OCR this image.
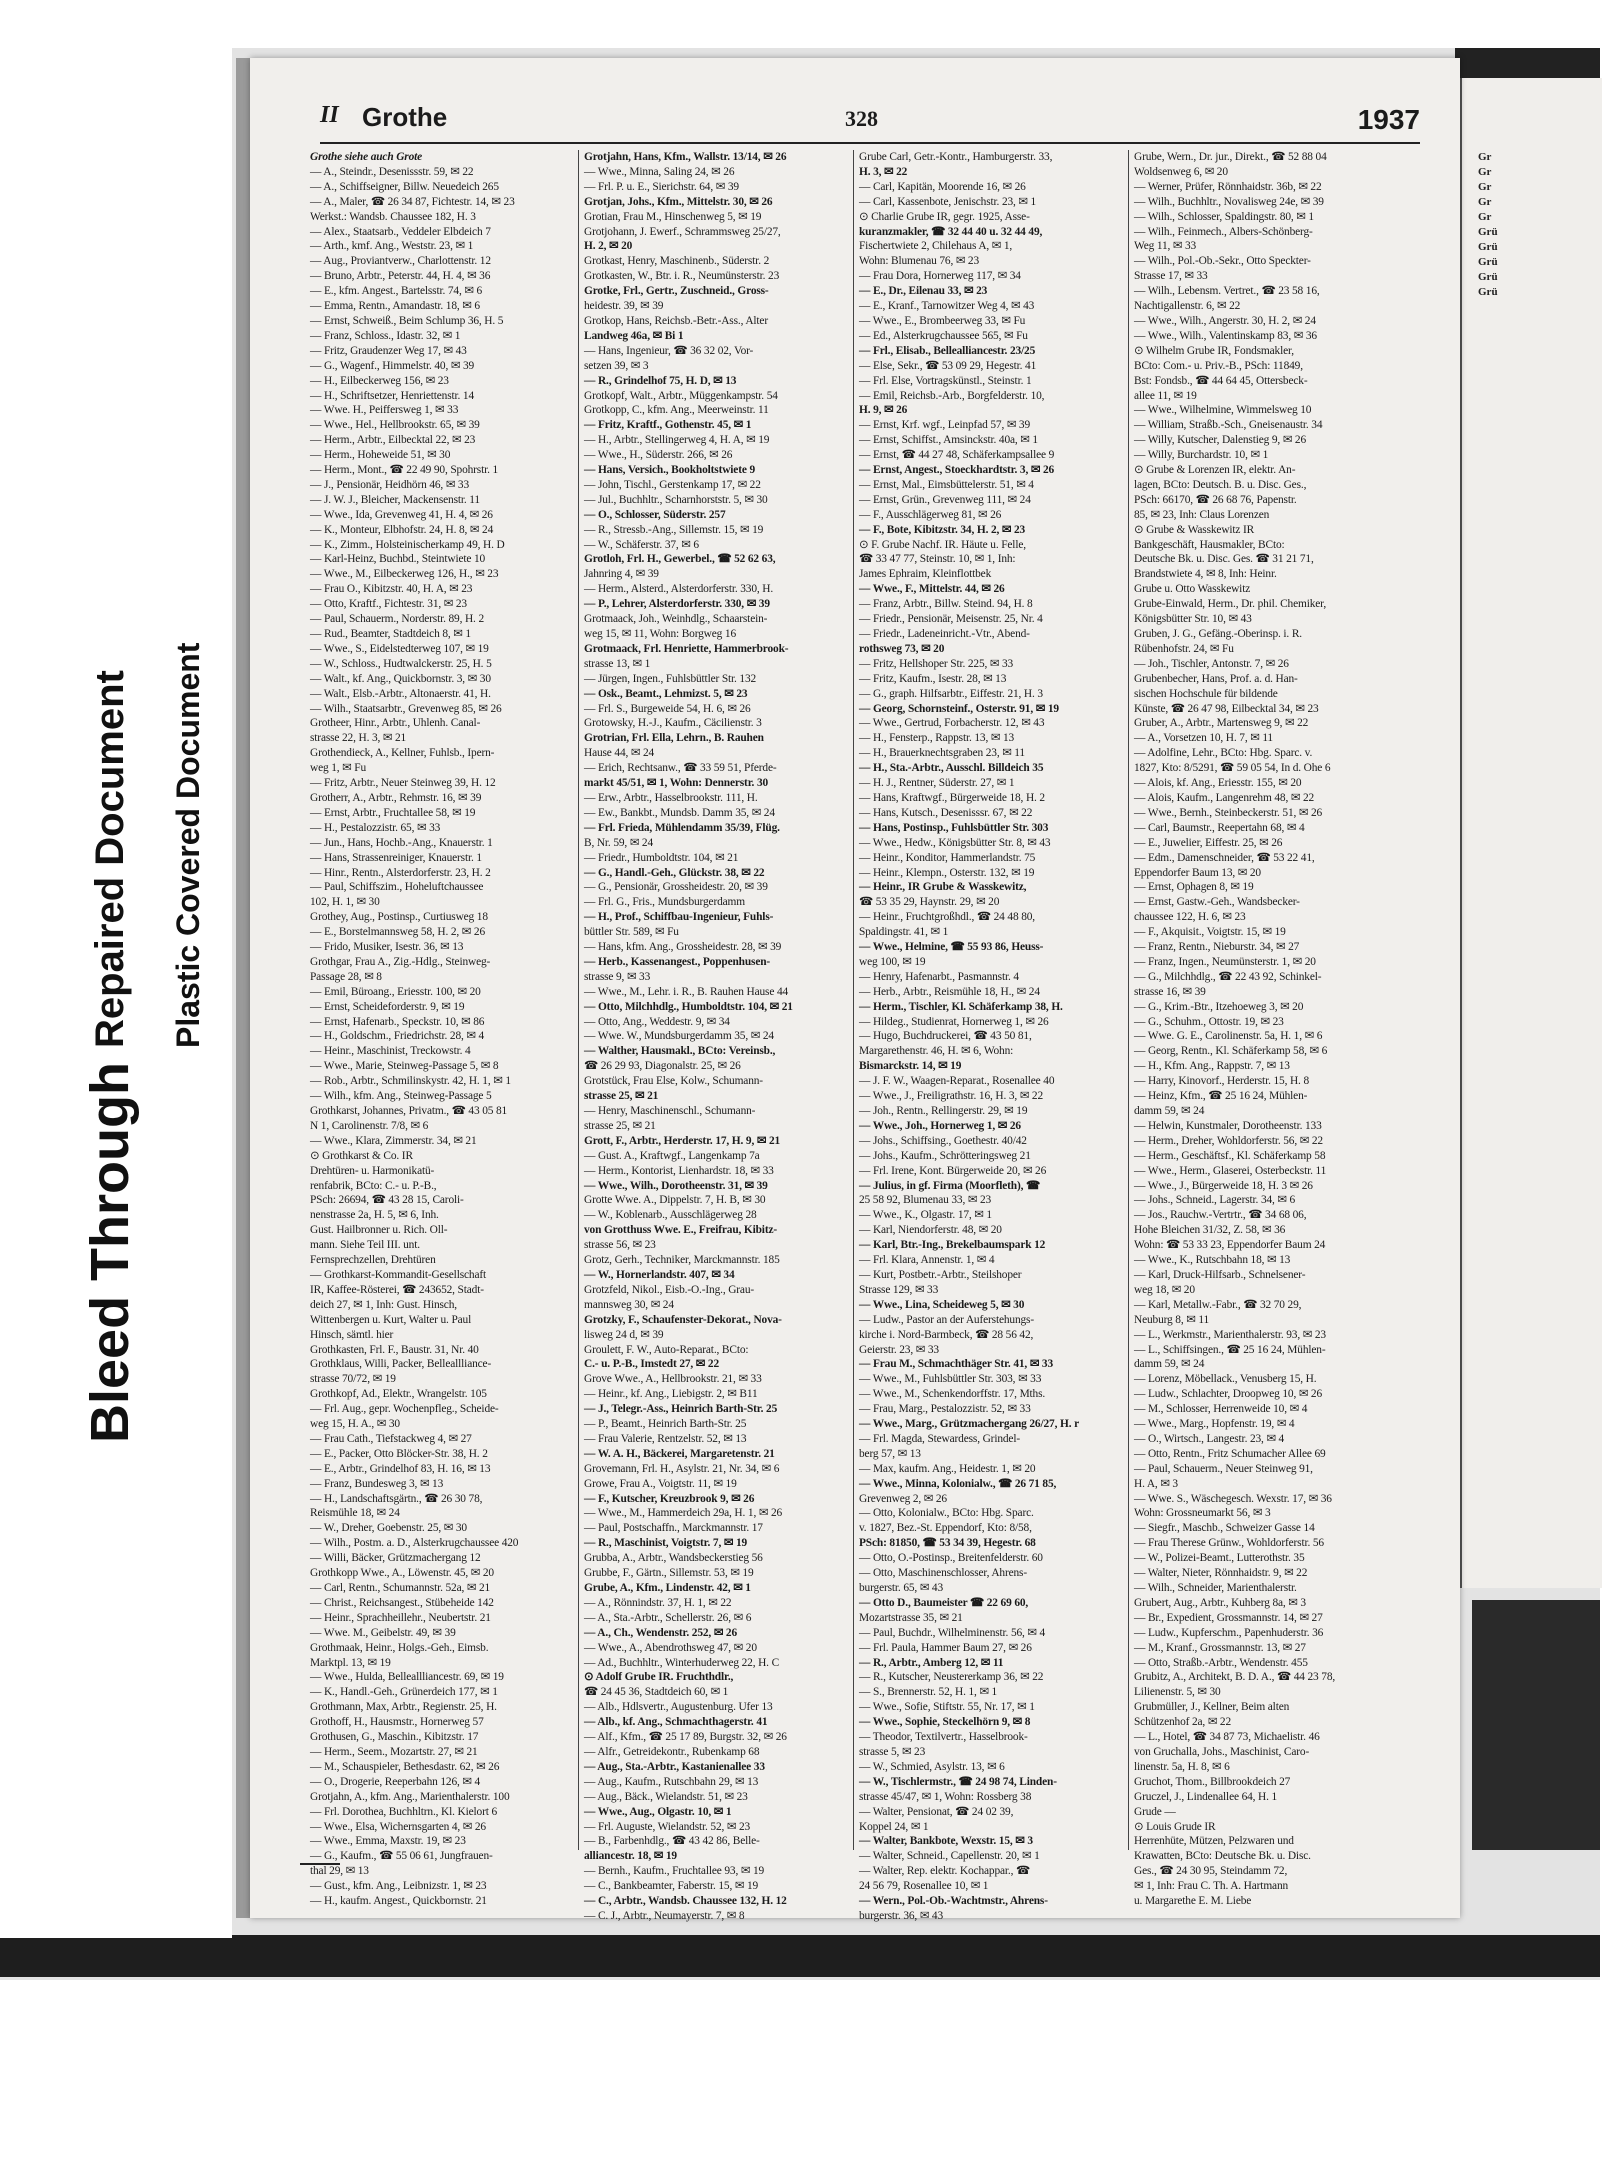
Bleed Through
Repaired Document	Plastic Covered Document
Gr
Gr
Gr
Gr
Gr
Grü
Grü
Grü
Grü
Grü
II Grothe	328	1937

Grothe siehe auch Grote

— A., Steindr., Desenissstr. 59, ✉ 22

— A., Schiffseigner, Billw. Neuedeich 265

— A., Maler, ☎ 26 34 87, Fichtestr. 14, ✉ 23

Werkst.: Wandsb. Chaussee 182, H. 3

— Alex., Staatsarb., Veddeler Elbdeich 7

— Arth., kmf. Ang., Weststr. 23, ✉ 1

— Aug., Proviantverw., Charlottenstr. 12

— Bruno, Arbtr., Peterstr. 44, H. 4, ✉ 36

— E., kfm. Angest., Bartelsstr. 74, ✉ 6

— Emma, Rentn., Amandastr. 18, ✉ 6

— Ernst, Schweiß., Beim Schlump 36, H. 5

— Franz, Schloss., Idastr. 32, ✉ 1

— Fritz, Graudenzer Weg 17, ✉ 43

— G., Wagenf., Himmelstr. 40, ✉ 39

— H., Eilbeckerweg 156, ✉ 23

— H., Schriftsetzer, Henriettenstr. 14

— Wwe. H., Peiffersweg 1, ✉ 33

— Wwe., Hel., Hellbrookstr. 65, ✉ 39

— Herm., Arbtr., Eilbecktal 22, ✉ 23

— Herm., Hoheweide 51, ✉ 30

— Herm., Mont., ☎ 22 49 90, Spohrstr. 1

— J., Pensionär, Heidhörn 46, ✉ 33

— J. W. J., Bleicher, Mackensenstr. 11

— Wwe., Ida, Grevenweg 41, H. 4, ✉ 26

— K., Monteur, Elbhofstr. 24, H. 8, ✉ 24

— K., Zimm., Holsteinischerkamp 49, H. D

— Karl-Heinz, Buchbd., Steintwiete 10

— Wwe., M., Eilbeckerweg 126, H., ✉ 23

— Frau O., Kibitzstr. 40, H. A, ✉ 23

— Otto, Kraftf., Fichtestr. 31, ✉ 23

— Paul, Schauerm., Norderstr. 89, H. 2

— Rud., Beamter, Stadtdeich 8, ✉ 1

— Wwe., S., Eidelstedterweg 107, ✉ 19

— W., Schloss., Hudtwalckerstr. 25, H. 5

— Walt., kf. Ang., Quickbornstr. 3, ✉ 30

— Walt., Elsb.-Arbtr., Altonaerstr. 41, H.

— Wilh., Staatsarbtr., Grevenweg 85, ✉ 26

Grotheer, Hinr., Arbtr., Uhlenh. Canal-

strasse 22, H. 3, ✉ 21

Grothendieck, A., Kellner, Fuhlsb., Ipern-

weg 1, ✉ Fu

— Fritz, Arbtr., Neuer Steinweg 39, H. 12

Grotherr, A., Arbtr., Rehmstr. 16, ✉ 39

— Ernst, Arbtr., Fruchtallee 58, ✉ 19

— H., Pestalozzistr. 65, ✉ 33

— Jun., Hans, Hochb.-Ang., Knauerstr. 1

— Hans, Strassenreiniger, Knauerstr. 1

— Hinr., Rentn., Alsterdorferstr. 23, H. 2

— Paul, Schiffszim., Hoheluftchaussee

102, H. 1, ✉ 30

Grothey, Aug., Postinsp., Curtiusweg 18

— E., Borstelmannsweg 58, H. 2, ✉ 26

— Frido, Musiker, Isestr. 36, ✉ 13

Grothgar, Frau A., Zig.-Hdlg., Steinweg-

Passage 28, ✉ 8

— Emil, Büroang., Eriesstr. 100, ✉ 20

— Ernst, Scheideforderstr. 9, ✉ 19

— Ernst, Hafenarb., Speckstr. 10, ✉ 86

— H., Goldschm., Friedrichstr. 28, ✉ 4

— Heinr., Maschinist, Treckowstr. 4

— Wwe., Marie, Steinweg-Passage 5, ✉ 8

— Rob., Arbtr., Schmilinskystr. 42, H. 1, ✉ 1

— Wilh., kfm. Ang., Steinweg-Passage 5

Grothkarst, Johannes, Privatm., ☎ 43 05 81

N 1, Carolinenstr. 7/8, ✉ 6

— Wwe., Klara, Zimmerstr. 34, ✉ 21

⊙ Grothkarst & Co. IR

Drehtüren- u. Harmonikatü-

renfabrik, BCto: C.- u. P.-B.,

PSch: 26694, ☎ 43 28 15, Caroli-

nenstrasse 2a, H. 5, ✉ 6, Inh.

Gust. Hailbronner u. Rich. Oll-

mann. Siehe Teil III. unt.

Fernsprechzellen, Drehtüren

— Grothkarst-Kommandit-Gesellschaft

IR, Kaffee-Rösterei, ☎ 243652, Stadt-

deich 27, ✉ 1, Inh: Gust. Hinsch,

Wittenbergen u. Kurt, Walter u. Paul

Hinsch, sämtl. hier

Grothkasten, Frl. F., Baustr. 31, Nr. 40

Grothklaus, Willi, Packer, Belleallliance-

strasse 70/72, ✉ 19

Grothkopf, Ad., Elektr., Wrangelstr. 105

— Frl. Aug., gepr. Wochenpfleg., Scheide-

weg 15, H. A., ✉ 30

— Frau Cath., Tiefstackweg 4, ✉ 27

— E., Packer, Otto Blöcker-Str. 38, H. 2

— E., Arbtr., Grindelhof 83, H. 16, ✉ 13

— Franz, Bundesweg 3, ✉ 13

— H., Landschaftsgärtn., ☎ 26 30 78,

Reismühle 18, ✉ 24

— W., Dreher, Goebenstr. 25, ✉ 30

— Wilh., Postm. a. D., Alsterkrugchaussee 420

— Willi, Bäcker, Grützmachergang 12

Grothkopp Wwe., A., Löwenstr. 45, ✉ 20

— Carl, Rentn., Schumannstr. 52a, ✉ 21

— Christ., Reichsangest., Stübeheide 142

— Heinr., Sprachheillehr., Neubertstr. 21

— Wwe. M., Geibelstr. 49, ✉ 39

Grothmaak, Heinr., Holgs.-Geh., Eimsb.

Marktpl. 13, ✉ 19

— Wwe., Hulda, Belleallliancestr. 69, ✉ 19

— K., Handl.-Geh., Grünerdeich 177, ✉ 1

Grothmann, Max, Arbtr., Regienstr. 25, H.

Grothoff, H., Hausmstr., Hornerweg 57

Grothusen, G., Maschin., Kibitzstr. 17

— Herm., Seem., Mozartstr. 27, ✉ 21

— M., Schauspieler, Bethesdastr. 62, ✉ 26

— O., Drogerie, Reeperbahn 126, ✉ 4

Grotjahn, A., kfm. Ang., Marienthalerstr. 100

— Frl. Dorothea, Buchhltrn., Kl. Kielort 6

— Wwe., Elsa, Wichernsgarten 4, ✉ 26

— Wwe., Emma, Maxstr. 19, ✉ 23

— G., Kaufm., ☎ 55 06 61, Jungfrauen-

thal 29, ✉ 13

— Gust., kfm. Ang., Leibnizstr. 1, ✉ 23

— H., kaufm. Angest., Quickbornstr. 21

Grotjahn, Hans, Kfm., Wallstr. 13/14, ✉ 26

— Wwe., Minna, Saling 24, ✉ 26

— Frl. P. u. E., Sierichstr. 64, ✉ 39

Grotjan, Johs., Kfm., Mittelstr. 30, ✉ 26

Grotian, Frau M., Hinschenweg 5, ✉ 19

Grotjohann, J. Ewerf., Schrammsweg 25/27,

H. 2, ✉ 20

Grotkast, Henry, Maschinenb., Süderstr. 2

Grotkasten, W., Btr. i. R., Neumünsterstr. 23

Grotke, Frl., Gertr., Zuschneid., Gross-

heidestr. 39, ✉ 39

Grotkop, Hans, Reichsb.-Betr.-Ass., Alter

Landweg 46a, ✉ Bi 1

— Hans, Ingenieur, ☎ 36 32 02, Vor-

setzen 39, ✉ 3

— R., Grindelhof 75, H. D, ✉ 13

Grotkopf, Walt., Arbtr., Müggenkampstr. 54

Grotkopp, C., kfm. Ang., Meerweinstr. 11

— Fritz, Kraftf., Gothenstr. 45, ✉ 1

— H., Arbtr., Stellingerweg 4, H. A, ✉ 19

— Wwe., H., Süderstr. 266, ✉ 26

— Hans, Versich., Bookholtstwiete 9

— John, Tischl., Gerstenkamp 17, ✉ 22

— Jul., Buchhltr., Scharnhorststr. 5, ✉ 30

— O., Schlosser, Süderstr. 257

— R., Stressb.-Ang., Sillemstr. 15, ✉ 19

— W., Schäferstr. 37, ✉ 6

Grotloh, Frl. H., Gewerbel., ☎ 52 62 63,

Jahnring 4, ✉ 39

— Herm., Alsterd., Alsterdorferstr. 330, H.

— P., Lehrer, Alsterdorferstr. 330, ✉ 39

Grotmaack, Joh., Weinhdlg., Schaarstein-

weg 15, ✉ 11, Wohn: Borgweg 16

Grotmaack, Frl. Henriette, Hammerbrook-

strasse 13, ✉ 1

— Jürgen, Ingen., Fuhlsbüttler Str. 132

— Osk., Beamt., Lehmizst. 5, ✉ 23

— Frl. S., Burgeweide 54, H. 6, ✉ 26

Grotowsky, H.-J., Kaufm., Cäcilienstr. 3

Grotrian, Frl. Ella, Lehrn., B. Rauhen

Hause 44, ✉ 24

— Erich, Rechtsanw., ☎ 33 59 51, Pferde-

markt 45/51, ✉ 1, Wohn: Dennerstr. 30

— Erw., Arbtr., Hasselbrookstr. 111, H.

— Ew., Bankbt., Mundsb. Damm 35, ✉ 24

— Frl. Frieda, Mühlendamm 35/39, Flüg.

B, Nr. 59, ✉ 24

— Friedr., Humboldtstr. 104, ✉ 21

— G., Handl.-Geh., Glückstr. 38, ✉ 22

— G., Pensionär, Grossheidestr. 20, ✉ 39

— Frl. G., Fris., Mundsburgerdamm

— H., Prof., Schiffbau-Ingenieur, Fuhls-

büttler Str. 589, ✉ Fu

— Hans, kfm. Ang., Grossheidestr. 28, ✉ 39

— Herb., Kassenangest., Poppenhusen-

strasse 9, ✉ 33

— Wwe., M., Lehr. i. R., B. Rauhen Hause 44

— Otto, Milchhdlg., Humboldtstr. 104, ✉ 21

— Otto, Ang., Weddestr. 9, ✉ 34

— Wwe. W., Mundsburgerdamm 35, ✉ 24

— Walther, Hausmakl., BCto: Vereinsb.,

☎ 26 29 93, Diagonalstr. 25, ✉ 26

Grotstück, Frau Else, Kolw., Schumann-

strasse 25, ✉ 21

— Henry, Maschinenschl., Schumann-

strasse 25, ✉ 21

Grott, F., Arbtr., Herderstr. 17, H. 9, ✉ 21

— Gust. A., Kraftwgf., Langenkamp 7a

— Herm., Kontorist, Lienhardstr. 18, ✉ 33

— Wwe., Wilh., Dorotheenstr. 31, ✉ 39

Grotte Wwe. A., Dippelstr. 7, H. B, ✉ 30

— W., Koblenarb., Ausschlägerweg 28

von Grotthuss Wwe. E., Freifrau, Kibitz-

strasse 56, ✉ 23

Grotz, Gerh., Techniker, Marckmannstr. 185

— W., Hornerlandstr. 407, ✉ 34

Grotzfeld, Nikol., Eisb.-O.-Ing., Grau-

mannsweg 30, ✉ 24

Grotzky, F., Schaufenster-Dekorat., Nova-

lisweg 24 d, ✉ 39

Groulett, F. W., Auto-Reparat., BCto:

C.- u. P.-B., Imstedt 27, ✉ 22

Grove Wwe., A., Hellbrookstr. 21, ✉ 33

— Heinr., kf. Ang., Liebigstr. 2, ✉ B11

— J., Telegr.-Ass., Heinrich Barth-Str. 25

— P., Beamt., Heinrich Barth-Str. 25

— Frau Valerie, Rentzelstr. 52, ✉ 13

— W. A. H., Bäckerei, Margaretenstr. 21

Grovemann, Frl. H., Asylstr. 21, Nr. 34, ✉ 6

Growe, Frau A., Voigtstr. 11, ✉ 19

— F., Kutscher, Kreuzbrook 9, ✉ 26

— Wwe., M., Hammerdeich 29a, H. 1, ✉ 26

— Paul, Postschaffn., Marckmannstr. 17

— R., Maschinist, Voigtstr. 7, ✉ 19

Grubba, A., Arbtr., Wandsbeckerstieg 56

Grubbe, F., Gärtn., Sillemstr. 53, ✉ 19

Grube, A., Kfm., Lindenstr. 42, ✉ 1

— A., Rönnindstr. 37, H. 1, ✉ 22

— A., Sta.-Arbtr., Schellerstr. 26, ✉ 6

— A., Ch., Wendenstr. 252, ✉ 26

— Wwe., A., Abendrothsweg 47, ✉ 20

— Ad., Buchhltr., Winterhuderweg 22, H. C

⊙ Adolf Grube IR. Fruchthdlr.,

☎ 24 45 36, Stadtdeich 60, ✉ 1

— Alb., Hdlsvertr., Augustenburg. Ufer 13

— Alb., kf. Ang., Schmachthagerstr. 41

— Alf., Kfm., ☎ 25 17 89, Burgstr. 32, ✉ 26

— Alfr., Getreidekontr., Rubenkamp 68

— Aug., Sta.-Arbtr., Kastanienallee 33

— Aug., Kaufm., Rutschbahn 29, ✉ 13

— Aug., Bäck., Wielandstr. 51, ✉ 23

— Wwe., Aug., Olgastr. 10, ✉ 1

— Frl. Auguste, Wielandstr. 52, ✉ 23

— B., Farbenhdlg., ☎ 43 42 86, Belle-

alliancestr. 18, ✉ 19

— Bernh., Kaufm., Fruchtallee 93, ✉ 19

— C., Bankbeamter, Faberstr. 15, ✉ 19

— C., Arbtr., Wandsb. Chaussee 132, H. 12

— C. J., Arbtr., Neumayerstr. 7, ✉ 8

Grube Carl, Getr.-Kontr., Hamburgerstr. 33,

H. 3, ✉ 22

— Carl, Kapitän, Moorende 16, ✉ 26

— Carl, Kassenbote, Jenischstr. 23, ✉ 1

⊙ Charlie Grube IR, gegr. 1925, Asse-

kuranzmakler, ☎ 32 44 40 u. 32 44 49,

Fischertwiete 2, Chilehaus A, ✉ 1,

Wohn: Blumenau 76, ✉ 23

— Frau Dora, Hornerweg 117, ✉ 34

— E., Dr., Eilenau 33, ✉ 23

— E., Kranf., Tarnowitzer Weg 4, ✉ 43

— Wwe., E., Brombeerweg 33, ✉ Fu

— Ed., Alsterkrugchaussee 565, ✉ Fu

— Frl., Elisab., Bellealliancestr. 23/25

— Else, Sekr., ☎ 53 09 29, Hegestr. 41

— Frl. Else, Vortragskünstl., Steinstr. 1

— Emil, Reichsb.-Arb., Borgfelderstr. 10,

H. 9, ✉ 26

— Ernst, Krf. wgf., Leinpfad 57, ✉ 39

— Ernst, Schiffst., Amsinckstr. 40a, ✉ 1

— Ernst, ☎ 44 27 48, Schäferkampsallee 9

— Ernst, Angest., Stoeckhardtstr. 3, ✉ 26

— Ernst, Mal., Eimsbüttelerstr. 51, ✉ 4

— Ernst, Grün., Grevenweg 111, ✉ 24

— F., Ausschlägerweg 81, ✉ 26

— F., Bote, Kibitzstr. 34, H. 2, ✉ 23

⊙ F. Grube Nachf. IR. Häute u. Felle,

☎ 33 47 77, Steinstr. 10, ✉ 1, Inh:

James Ephraim, Kleinflottbek

— Wwe., F., Mittelstr. 44, ✉ 26

— Franz, Arbtr., Billw. Steind. 94, H. 8

— Friedr., Pensionär, Meisenstr. 25, Nr. 4

— Friedr., Ladeneinricht.-Vtr., Abend-

rothsweg 73, ✉ 20

— Fritz, Hellshoper Str. 225, ✉ 33

— Fritz, Kaufm., Isestr. 28, ✉ 13

— G., graph. Hilfsarbtr., Eiffestr. 21, H. 3

— Georg, Schornsteinf., Osterstr. 91, ✉ 19

— Wwe., Gertrud, Forbacherstr. 12, ✉ 43

— H., Fensterp., Rappstr. 13, ✉ 13

— H., Brauerknechtsgraben 23, ✉ 11

— H., Sta.-Arbtr., Ausschl. Billdeich 35

— H. J., Rentner, Süderstr. 27, ✉ 1

— Hans, Kraftwgf., Bürgerweide 18, H. 2

— Hans, Kutsch., Desenisssr. 67, ✉ 22

— Hans, Postinsp., Fuhlsbüttler Str. 303

— Wwe., Hedw., Königsbütter Str. 8, ✉ 43

— Heinr., Konditor, Hammerlandstr. 75

— Heinr., Klempn., Osterstr. 132, ✉ 19

— Heinr., IR Grube & Wasskewitz,

☎ 53 35 29, Haynstr. 29, ✉ 20

— Heinr., Fruchtgroßhdl., ☎ 24 48 80,

Spaldingstr. 41, ✉ 1

— Wwe., Helmine, ☎ 55 93 86, Heuss-

weg 100, ✉ 19

— Henry, Hafenarbt., Pasmannstr. 4

— Herb., Arbtr., Reismühle 18, H., ✉ 24

— Herm., Tischler, Kl. Schäferkamp 38, H.

— Hildeg., Studienrat, Hornerweg 1, ✉ 26

— Hugo, Buchdruckerei, ☎ 43 50 81,

Margarethenstr. 46, H. ✉ 6, Wohn:

Bismarckstr. 14, ✉ 19

— J. F. W., Waagen-Reparat., Rosenallee 40

— Wwe., J., Freiligrathstr. 16, H. 3, ✉ 22

— Joh., Rentn., Rellingerstr. 29, ✉ 19

— Wwe., Joh., Hornerweg 1, ✉ 26

— Johs., Schiffsing., Goethestr. 40/42

— Johs., Kaufm., Schrötteringsweg 21

— Frl. Irene, Kont. Bürgerweide 20, ✉ 26

— Julius, in gf. Firma (Moorfleth), ☎

25 58 92, Blumenau 33, ✉ 23

— Wwe., K., Olgastr. 17, ✉ 1

— Karl, Niendorferstr. 48, ✉ 20

— Karl, Btr.-Ing., Brekelbaumspark 12

— Frl. Klara, Annenstr. 1, ✉ 4

— Kurt, Postbetr.-Arbtr., Steilshoper

Strasse 129, ✉ 33

— Wwe., Lina, Scheideweg 5, ✉ 30

— Ludw., Pastor an der Auferstehungs-

kirche i. Nord-Barmbeck, ☎ 28 56 42,

Geierstr. 23, ✉ 33

— Frau M., Schmachthäger Str. 41, ✉ 33

— Wwe., M., Fuhlsbüttler Str. 303, ✉ 33

— Wwe., M., Schenkendorffstr. 17, Mths.

— Frau, Marg., Pestalozzistr. 52, ✉ 33

— Wwe., Marg., Grützmachergang 26/27, H. r

— Frl. Magda, Stewardess, Grindel-

berg 57, ✉ 13

— Max, kaufm. Ang., Heidestr. 1, ✉ 20

— Wwe., Minna, Kolonialw., ☎ 26 71 85,

Grevenweg 2, ✉ 26

— Otto, Kolonialw., BCto: Hbg. Sparc.

v. 1827, Bez.-St. Eppendorf, Kto: 8/58,

PSch: 81850, ☎ 53 34 39, Hegestr. 68

— Otto, O.-Postinsp., Breitenfelderstr. 60

— Otto, Maschinenschlosser, Ahrens-

burgerstr. 65, ✉ 43

— Otto D., Baumeister ☎ 22 69 60,

Mozartstrasse 35, ✉ 21

— Paul, Buchdr., Wilhelminenstr. 56, ✉ 4

— Frl. Paula, Hammer Baum 27, ✉ 26

— R., Arbtr., Amberg 12, ✉ 11

— R., Kutscher, Neustererkamp 36, ✉ 22

— S., Brennerstr. 52, H. 1, ✉ 1

— Wwe., Sofie, Stiftstr. 55, Nr. 17, ✉ 1

— Wwe., Sophie, Steckelhörn 9, ✉ 8

— Theodor, Textilvertr., Hasselbrook-

strasse 5, ✉ 23

— W., Schmied, Asylstr. 13, ✉ 6

— W., Tischlermstr., ☎ 24 98 74, Linden-

strasse 45/47, ✉ 1, Wohn: Rossberg 38

— Walter, Pensionat, ☎ 24 02 39,

Koppel 24, ✉ 1

— Walter, Bankbote, Wexstr. 15, ✉ 3

— Walter, Schneid., Capellenstr. 20, ✉ 1

— Walter, Rep. elektr. Kochappar., ☎

24 56 79, Rosenallee 10, ✉ 1

— Wern., Pol.-Ob.-Wachtmstr., Ahrens-

burgerstr. 36, ✉ 43

Grube, Wern., Dr. jur., Direkt., ☎ 52 88 04

Woldsenweg 6, ✉ 20

— Werner, Prüfer, Rönnhaidstr. 36b, ✉ 22

— Wilh., Buchhltr., Novalisweg 24e, ✉ 39

— Wilh., Schlosser, Spaldingstr. 80, ✉ 1

— Wilh., Feinmech., Albers-Schönberg-

Weg 11, ✉ 33

— Wilh., Pol.-Ob.-Sekr., Otto Speckter-

Strasse 17, ✉ 33

— Wilh., Lebensm. Vertret., ☎ 23 58 16,

Nachtigallenstr. 6, ✉ 22

— Wwe., Wilh., Angerstr. 30, H. 2, ✉ 24

— Wwe., Wilh., Valentinskamp 83, ✉ 36

⊙ Wilhelm Grube IR, Fondsmakler,

BCto: Com.- u. Priv.-B., PSch: 11849,

Bst: Fondsb., ☎ 44 64 45, Ottersbeck-

allee 11, ✉ 19

— Wwe., Wilhelmine, Wimmelsweg 10

— William, Straßb.-Sch., Gneisenaustr. 34

— Willy, Kutscher, Dalenstieg 9, ✉ 26

— Willy, Burchardstr. 10, ✉ 1

⊙ Grube & Lorenzen IR, elektr. An-

lagen, BCto: Deutsch. B. u. Disc. Ges.,

PSch: 66170, ☎ 26 68 76, Papenstr.

85, ✉ 23, Inh: Claus Lorenzen

⊙ Grube & Wasskewitz IR

Bankgeschäft, Hausmakler, BCto:

Deutsche Bk. u. Disc. Ges. ☎ 31 21 71,

Brandstwiete 4, ✉ 8, Inh: Heinr.

Grube u. Otto Wasskewitz

Grube-Einwald, Herm., Dr. phil. Chemiker,

Königsbütter Str. 10, ✉ 43

Gruben, J. G., Gefäng.-Oberinsp. i. R.

Rübenhofstr. 24, ✉ Fu

— Joh., Tischler, Antonstr. 7, ✉ 26

Grubenbecher, Hans, Prof. a. d. Han-

sischen Hochschule für bildende

Künste, ☎ 26 47 98, Eilbecktal 34, ✉ 23

Gruber, A., Arbtr., Martensweg 9, ✉ 22

— A., Vorsetzen 10, H. 7, ✉ 11

— Adolfine, Lehr., BCto: Hbg. Sparc. v.

1827, Kto: 8/5291, ☎ 59 05 54, In d. Ohe 6

— Alois, kf. Ang., Eriesstr. 155, ✉ 20

— Alois, Kaufm., Langenrehm 48, ✉ 22

— Wwe., Bernh., Steinbeckerstr. 51, ✉ 26

— Carl, Baumstr., Reepertahn 68, ✉ 4

— E., Juwelier, Eiffestr. 25, ✉ 26

— Edm., Damenschneider, ☎ 53 22 41,

Eppendorfer Baum 13, ✉ 20

— Ernst, Ophagen 8, ✉ 19

— Ernst, Gastw.-Geh., Wandsbecker-

chaussee 122, H. 6, ✉ 23

— F., Akquisit., Voigtstr. 15, ✉ 19

— Franz, Rentn., Nieburstr. 34, ✉ 27

— Franz, Ingen., Neumünsterstr. 1, ✉ 20

— G., Milchhdlg., ☎ 22 43 92, Schinkel-

strasse 16, ✉ 39

— G., Krim.-Btr., Itzehoeweg 3, ✉ 20

— G., Schuhm., Ottostr. 19, ✉ 23

— Wwe. G. E., Carolinenstr. 5a, H. 1, ✉ 6

— Georg, Rentn., Kl. Schäferkamp 58, ✉ 6

— H., Kfm. Ang., Rappstr. 7, ✉ 13

— Harry, Kinovorf., Herderstr. 15, H. 8

— Heinz, Kfm., ☎ 25 16 24, Mühlen-

damm 59, ✉ 24

— Helwin, Kunstmaler, Dorotheenstr. 133

— Herm., Dreher, Wohldorferstr. 56, ✉ 22

— Herm., Geschäftsf., Kl. Schäferkamp 58

— Wwe., Herm., Glaserei, Osterbeckstr. 11

— Wwe., J., Bürgerweide 18, H. 3 ✉ 26

— Johs., Schneid., Lagerstr. 34, ✉ 6

— Jos., Rauchw.-Vertrtr., ☎ 34 68 06,

Hohe Bleichen 31/32, Z. 58, ✉ 36

Wohn: ☎ 53 33 23, Eppendorfer Baum 24

— Wwe., K., Rutschbahn 18, ✉ 13

— Karl, Druck-Hilfsarb., Schnelsener-

weg 18, ✉ 20

— Karl, Metallw.-Fabr., ☎ 32 70 29,

Neuburg 8, ✉ 11

— L., Werkmstr., Marienthalerstr. 93, ✉ 23

— L., Schiffsingen., ☎ 25 16 24, Mühlen-

damm 59, ✉ 24

— Lorenz, Möbellack., Venusberg 15, H.

— Ludw., Schlachter, Droopweg 10, ✉ 26

— M., Schlosser, Herrenweide 10, ✉ 4

— Wwe., Marg., Hopfenstr. 19, ✉ 4

— O., Wirtsch., Langestr. 23, ✉ 4

— Otto, Rentn., Fritz Schumacher Allee 69

— Paul, Schauerm., Neuer Steinweg 91,

H. A, ✉ 3

— Wwe. S., Wäschegesch. Wexstr. 17, ✉ 36

Wohn: Grossneumarkt 56, ✉ 3

— Siegfr., Maschb., Schweizer Gasse 14

— Frau Therese Grünw., Wohldorferstr. 56

— W., Polizei-Beamt., Lutterothstr. 35

— Walter, Nieter, Rönnhaidstr. 9, ✉ 22

— Wilh., Schneider, Marienthalerstr.

Grubert, Aug., Arbtr., Kuhberg 8a, ✉ 3

— Br., Expedient, Grossmannstr. 14, ✉ 27

— Ludw., Kupferschm., Papenhuderstr. 36

— M., Kranf., Grossmannstr. 13, ✉ 27

— Otto, Straßb.-Arbtr., Wendenstr. 455

Grubitz, A., Architekt, B. D. A., ☎ 44 23 78,

Lilienenstr. 5, ✉ 30

Grubmüller, J., Kellner, Beim alten

Schützenhof 2a, ✉ 22

— L., Hotel, ☎ 34 87 73, Michaelistr. 46

von Gruchalla, Johs., Maschinist, Caro-

linenstr. 5a, H. 8, ✉ 6

Gruchot, Thom., Billbrookdeich 27

Gruczel, J., Lindenallee 64, H. 1

Grude —

⊙ Louis Grude IR

Herrenhüte, Mützen, Pelzwaren und

Krawatten, BCto: Deutsche Bk. u. Disc.

Ges., ☎ 24 30 95, Steindamm 72,

✉ 1, Inh: Frau C. Th. A. Hartmann

u. Margarethe E. M. Liebe
